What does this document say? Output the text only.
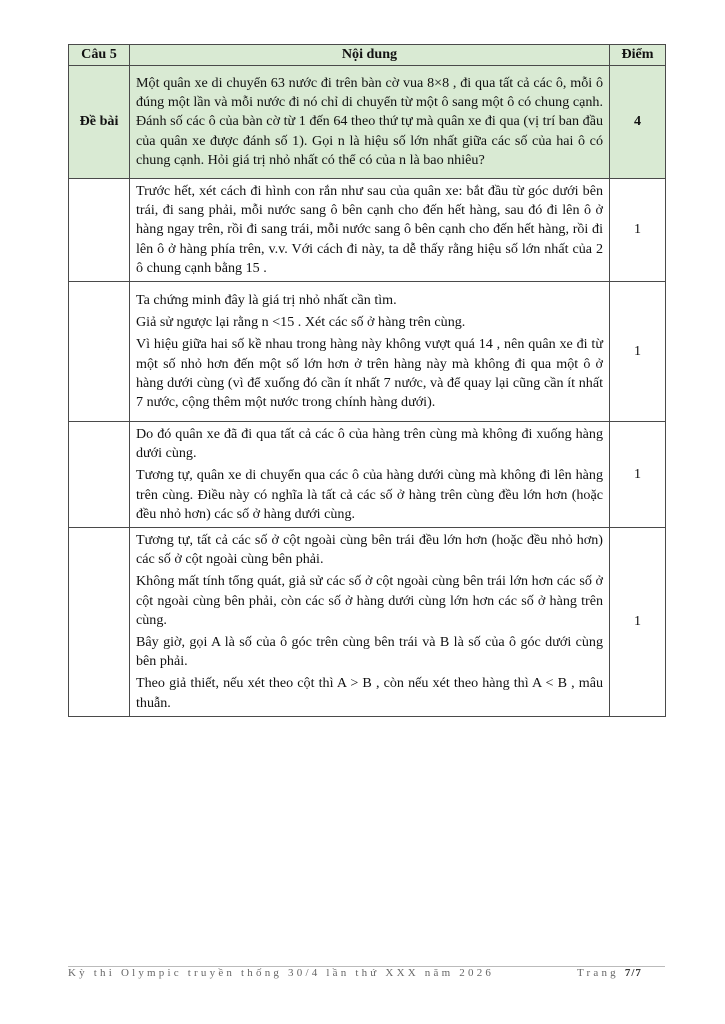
Câu 5	Nội dung	Điểm
Đề bài	Một quân xe di chuyển 63 nước đi trên bàn cờ vua 8×8 , đi qua tất cả các ô, mỗi ô đúng một lần và mỗi nước đi nó chỉ di chuyển từ một ô sang một ô có chung cạnh. Đánh số các ô của bàn cờ từ 1 đến 64 theo thứ tự mà quân xe đi qua (vị trí ban đầu của quân xe được đánh số 1). Gọi n là hiệu số lớn nhất giữa các số của hai ô có chung cạnh. Hỏi giá trị nhỏ nhất có thể có của n là bao nhiêu?	4

	Trước hết, xét cách đi hình con rắn như sau của quân xe: bắt đầu từ góc dưới bên trái, đi sang phải, mỗi nước sang ô bên cạnh cho đến hết hàng, sau đó đi lên ô ở hàng ngay trên, rồi đi sang trái, mỗi nước sang ô bên cạnh cho đến hết hàng, rồi đi lên ô ở hàng phía trên, v.v. Với cách đi này, ta dễ thấy rằng hiệu số lớn nhất của 2 ô chung cạnh bằng 15 .	1

	Ta chứng minh đây là giá trị nhỏ nhất cần tìm.

Giả sử ngược lại rằng n <15 . Xét các số ở hàng trên cùng.

Vì hiệu giữa hai số kề nhau trong hàng này không vượt quá 14 , nên quân xe đi từ một số nhỏ hơn đến một số lớn hơn ở trên hàng này mà không đi qua một ô ở hàng dưới cùng (vì để xuống đó cần ít nhất 7 nước, và để quay lại cũng cần ít nhất 7 nước, cộng thêm một nước trong chính hàng dưới).	1

	Do đó quân xe đã đi qua tất cả các ô của hàng trên cùng mà không đi xuống hàng dưới cùng.

Tương tự, quân xe di chuyển qua các ô của hàng dưới cùng mà không đi lên hàng trên cùng. Điều này có nghĩa là tất cả các số ở hàng trên cùng đều lớn hơn (hoặc đều nhỏ hơn) các số ở hàng dưới cùng.	1

	Tương tự, tất cả các số ở cột ngoài cùng bên trái đều lớn hơn (hoặc đều nhỏ hơn) các số ở cột ngoài cùng bên phải.

Không mất tính tổng quát, giả sử các số ở cột ngoài cùng bên trái lớn hơn các số ở cột ngoài cùng bên phải, còn các số ở hàng dưới cùng lớn hơn các số ở hàng trên cùng.

Bây giờ, gọi A là số của ô góc trên cùng bên trái và B là số của ô góc dưới cùng bên phải.

Theo giả thiết, nếu xét theo cột thì A > B , còn nếu xét theo hàng thì A < B , mâu thuẫn.	1
Kỳ thi Olympic truyền thống 30/4 lần thứ XXX năm 2026	Trang 7/7
